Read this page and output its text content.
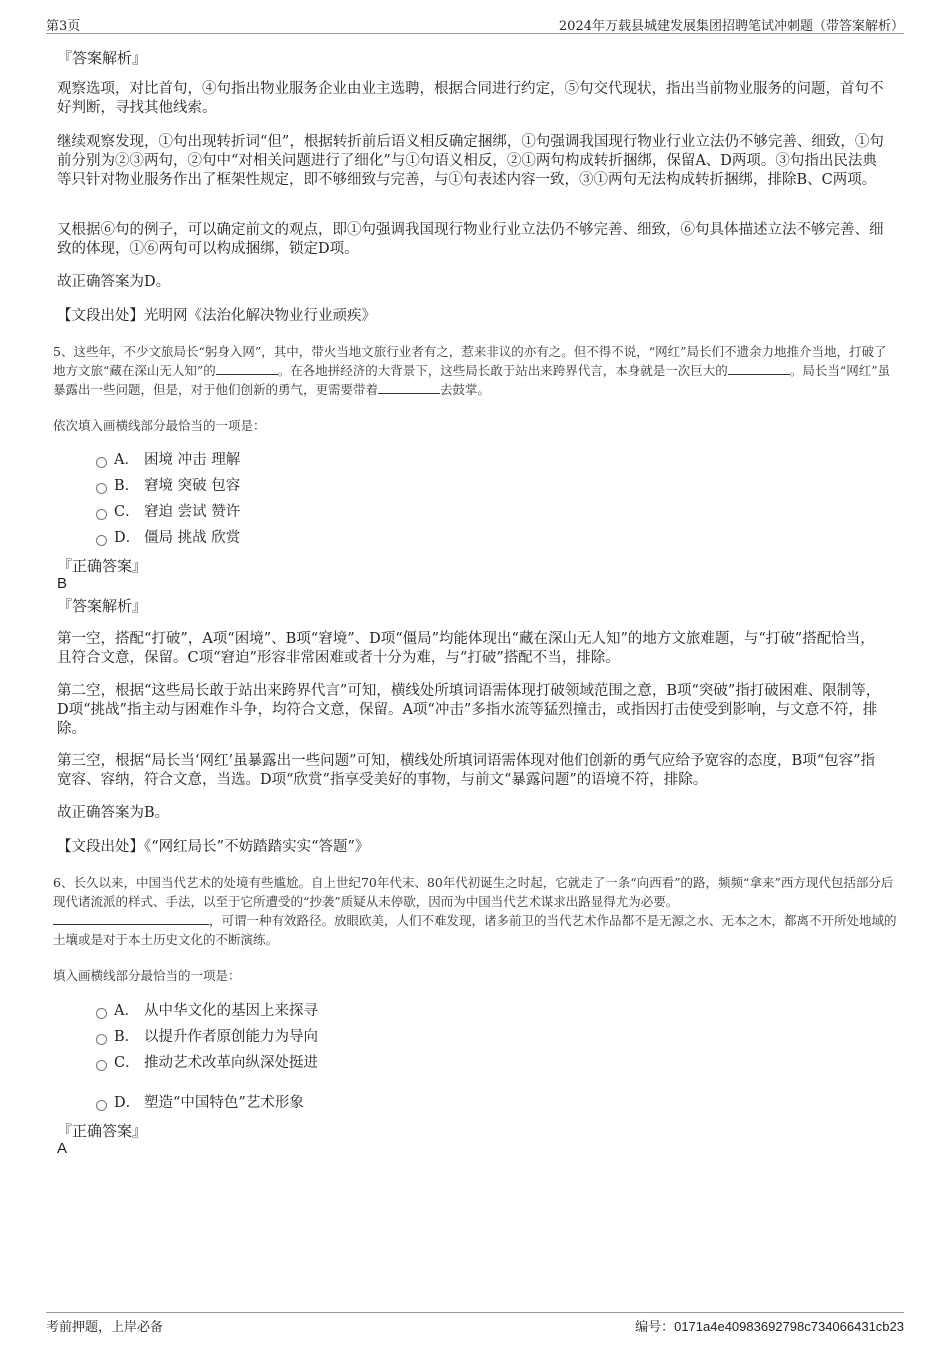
第3页	2024年万载县城建发展集团招聘笔试冲刺题（带答案解析）
『答案解析』
观察选项，对比首句，④句指出物业服务企业由业主选聘，根据合同进行约定，⑤句交代现状，指出当前物业服务的问题，首句不好判断，寻找其他线索。
继续观察发现，①句出现转折词“但”，根据转折前后语义相反确定捆绑，①句强调我国现行物业行业立法仍不够完善、细致，①句前分别为②③两句，②句中“对相关问题进行了细化”与①句语义相反，②①两句构成转折捆绑，保留A、D两项。③句指出民法典等只针对物业服务作出了框架性规定，即不够细致与完善，与①句表述内容一致，③①两句无法构成转折捆绑，排除B、C两项。
又根据⑥句的例子，可以确定前文的观点，即①句强调我国现行物业行业立法仍不够完善、细致，⑥句具体描述立法不够完善、细致的体现，①⑥两句可以构成捆绑，锁定D项。
故正确答案为D。
【文段出处】光明网《法治化解决物业行业顽疾》
5、这些年，不少文旅局长“躬身入网”，其中，带火当地文旅行业者有之，惹来非议的亦有之。但不得不说，“网红”局长们不遗余力地推介当地，打破了地方文旅“藏在深山无人知”的	。在各地拼经济的大背景下，这些局长敢于站出来跨界代言，本身就是一次巨大的	。局长当“网红”虽暴露出一些问题，但是，对于他们创新的勇气，更需要带着	去鼓掌。
依次填入画横线部分最恰当的一项是：
A． 困境 冲击 理解
B． 窘境 突破 包容
C． 窘迫 尝试 赞许
D． 僵局 挑战 欣赏
『正确答案』
B
『答案解析』
第一空，搭配“打破”，A项“困境”、B项“窘境”、D项“僵局”均能体现出“藏在深山无人知”的地方文旅难题，与“打破”搭配恰当，且符合文意，保留。C项“窘迫”形容非常困难或者十分为难，与“打破”搭配不当，排除。
第二空，根据“这些局长敢于站出来跨界代言”可知，横线处所填词语需体现打破领域范围之意，B项“突破”指打破困难、限制等，D项“挑战”指主动与困难作斗争，均符合文意，保留。A项“冲击”多指水流等猛烈撞击，或指因打击使受到影响，与文意不符，排除。
第三空，根据“局长当‘网红’虽暴露出一些问题”可知，横线处所填词语需体现对他们创新的勇气应给予宽容的态度，B项“包容”指宽容、容纳，符合文意，当选。D项“欣赏”指享受美好的事物，与前文“暴露问题”的语境不符，排除。
故正确答案为B。
【文段出处】《“网红局长”不妨踏踏实实“答题”》
6、长久以来，中国当代艺术的处境有些尴尬。自上世纪70年代末、80年代初诞生之时起，它就走了一条“向西看”的路，频频“拿来”西方现代包括部分后现代诸流派的样式、手法，以至于它所遭受的“抄袭”质疑从未停歇，因而为中国当代艺术谋求出路显得尤为必要。
，可谓一种有效路径。放眼欧美，人们不难发现，诸多前卫的当代艺术作品都不是无源之水、无本之木，都离不开所处地域的土壤或是对于本土历史文化的不断演练。
填入画横线部分最恰当的一项是：
A． 从中华文化的基因上来探寻
B． 以提升作者原创能力为导向
C． 推动艺术改革向纵深处挺进
D． 塑造“中国特色”艺术形象
『正确答案』
A
考前押题，上岸必备	编号：0171a4e40983692798c734066431cb23
